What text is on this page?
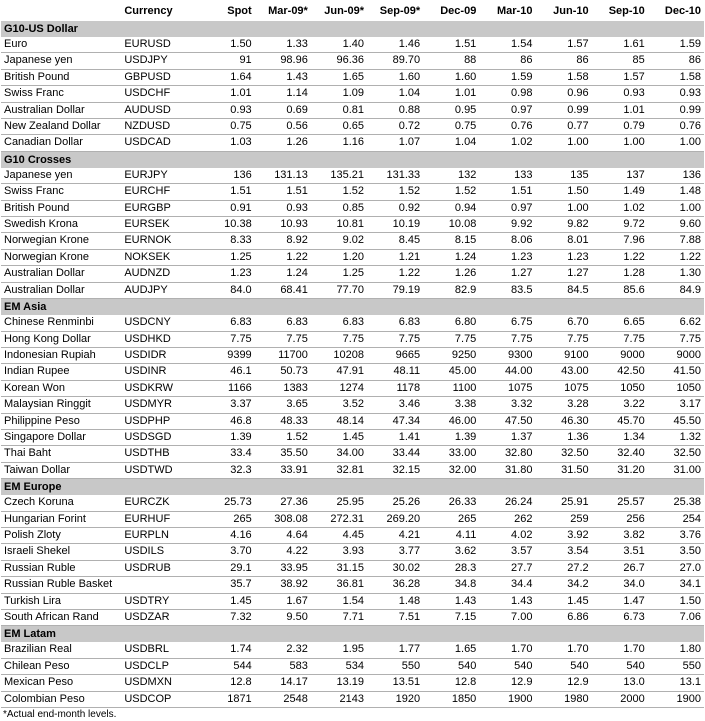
	Currency	Spot	Mar-09*	Jun-09*	Sep-09*	Dec-09	Mar-10	Jun-10	Sep-10	Dec-10
G10-US Dollar										
Euro	EURUSD	1.50	1.33	1.40	1.46	1.51	1.54	1.57	1.61	1.59
Japanese yen	USDJPY	91	98.96	96.36	89.70	88	86	86	85	86
British Pound	GBPUSD	1.64	1.43	1.65	1.60	1.60	1.59	1.58	1.57	1.58
Swiss Franc	USDCHF	1.01	1.14	1.09	1.04	1.01	0.98	0.96	0.93	0.93
Australian Dollar	AUDUSD	0.93	0.69	0.81	0.88	0.95	0.97	0.99	1.01	0.99
New Zealand Dollar	NZDUSD	0.75	0.56	0.65	0.72	0.75	0.76	0.77	0.79	0.76
Canadian Dollar	USDCAD	1.03	1.26	1.16	1.07	1.04	1.02	1.00	1.00	1.00
G10 Crosses										
Japanese yen	EURJPY	136	131.13	135.21	131.33	132	133	135	137	136
Swiss Franc	EURCHF	1.51	1.51	1.52	1.52	1.52	1.51	1.50	1.49	1.48
British Pound	EURGBP	0.91	0.93	0.85	0.92	0.94	0.97	1.00	1.02	1.00
Swedish Krona	EURSEK	10.38	10.93	10.81	10.19	10.08	9.92	9.82	9.72	9.60
Norwegian Krone	EURNOK	8.33	8.92	9.02	8.45	8.15	8.06	8.01	7.96	7.88
Norwegian Krone	NOKSEK	1.25	1.22	1.20	1.21	1.24	1.23	1.23	1.22	1.22
Australian Dollar	AUDNZD	1.23	1.24	1.25	1.22	1.26	1.27	1.27	1.28	1.30
Australian Dollar	AUDJPY	84.0	68.41	77.70	79.19	82.9	83.5	84.5	85.6	84.9
EM Asia										
Chinese Renminbi	USDCNY	6.83	6.83	6.83	6.83	6.80	6.75	6.70	6.65	6.62
Hong Kong Dollar	USDHKD	7.75	7.75	7.75	7.75	7.75	7.75	7.75	7.75	7.75
Indonesian Rupiah	USDIDR	9399	11700	10208	9665	9250	9300	9100	9000	9000
Indian Rupee	USDINR	46.1	50.73	47.91	48.11	45.00	44.00	43.00	42.50	41.50
Korean Won	USDKRW	1166	1383	1274	1178	1100	1075	1075	1050	1050
Malaysian Ringgit	USDMYR	3.37	3.65	3.52	3.46	3.38	3.32	3.28	3.22	3.17
Philippine Peso	USDPHP	46.8	48.33	48.14	47.34	46.00	47.50	46.30	45.70	45.50
Singapore Dollar	USDSGD	1.39	1.52	1.45	1.41	1.39	1.37	1.36	1.34	1.32
Thai Baht	USDTHB	33.4	35.50	34.00	33.44	33.00	32.80	32.50	32.40	32.50
Taiwan Dollar	USDTWD	32.3	33.91	32.81	32.15	32.00	31.80	31.50	31.20	31.00
EM Europe										
Czech Koruna	EURCZK	25.73	27.36	25.95	25.26	26.33	26.24	25.91	25.57	25.38
Hungarian Forint	EURHUF	265	308.08	272.31	269.20	265	262	259	256	254
Polish Zloty	EURPLN	4.16	4.64	4.45	4.21	4.11	4.02	3.92	3.82	3.76
Israeli Shekel	USDILS	3.70	4.22	3.93	3.77	3.62	3.57	3.54	3.51	3.50
Russian Ruble	USDRUB	29.1	33.95	31.15	30.02	28.3	27.7	27.2	26.7	27.0
Russian Ruble Basket		35.7	38.92	36.81	36.28	34.8	34.4	34.2	34.0	34.1
Turkish Lira	USDTRY	1.45	1.67	1.54	1.48	1.43	1.43	1.45	1.47	1.50
South African Rand	USDZAR	7.32	9.50	7.71	7.51	7.15	7.00	6.86	6.73	7.06
EM Latam										
Brazilian Real	USDBRL	1.74	2.32	1.95	1.77	1.65	1.70	1.70	1.70	1.80
Chilean Peso	USDCLP	544	583	534	550	540	540	540	540	550
Mexican Peso	USDMXN	12.8	14.17	13.19	13.51	12.8	12.9	12.9	13.0	13.1
Colombian Peso	USDCOP	1871	2548	2143	1920	1850	1900	1980	2000	1900
*Actual end-month levels.
